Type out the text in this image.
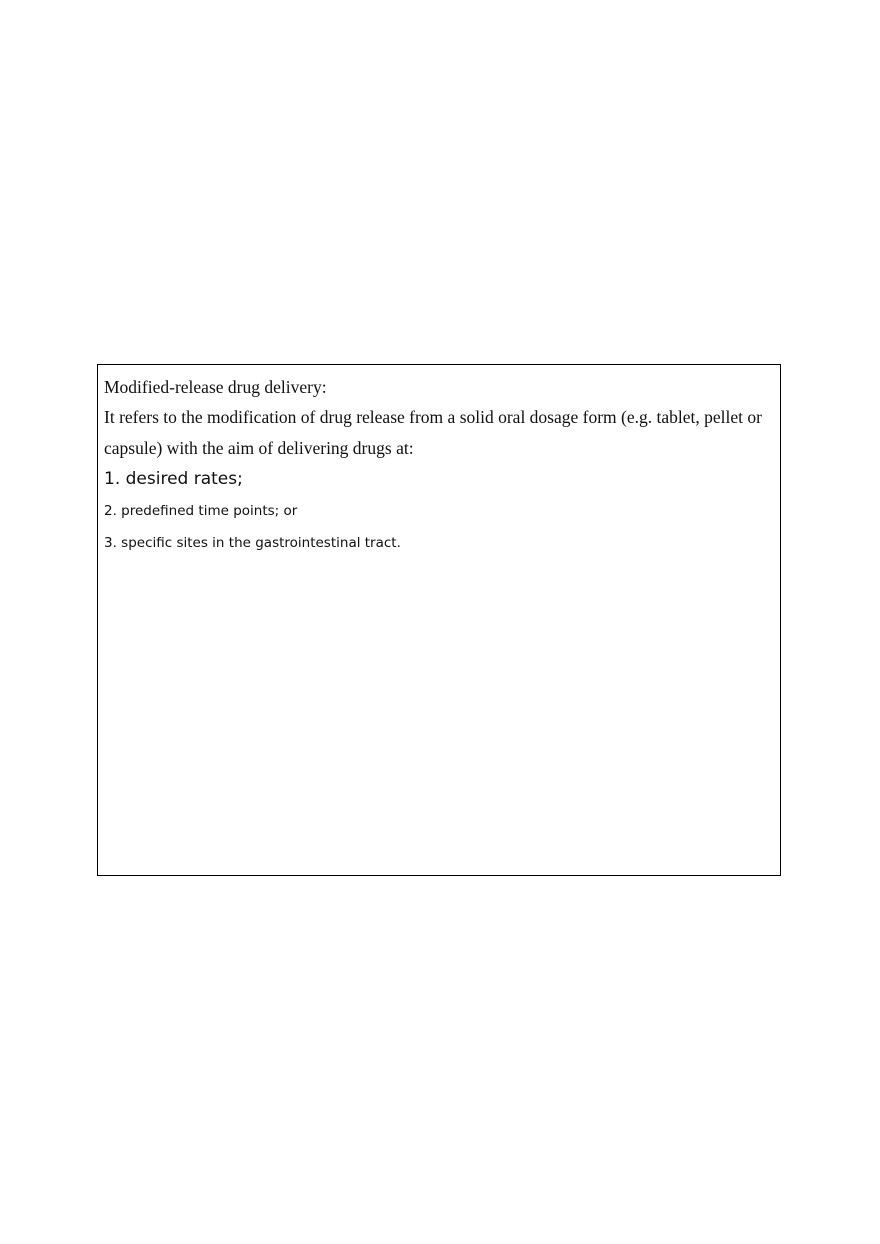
Modified-release drug delivery:
It refers to the modification of drug release from a solid oral dosage form (e.g. tablet, pellet or
capsule) with the aim of delivering drugs at:
1. desired rates;
2. predefined time points; or
3. specific sites in the gastrointestinal tract.
